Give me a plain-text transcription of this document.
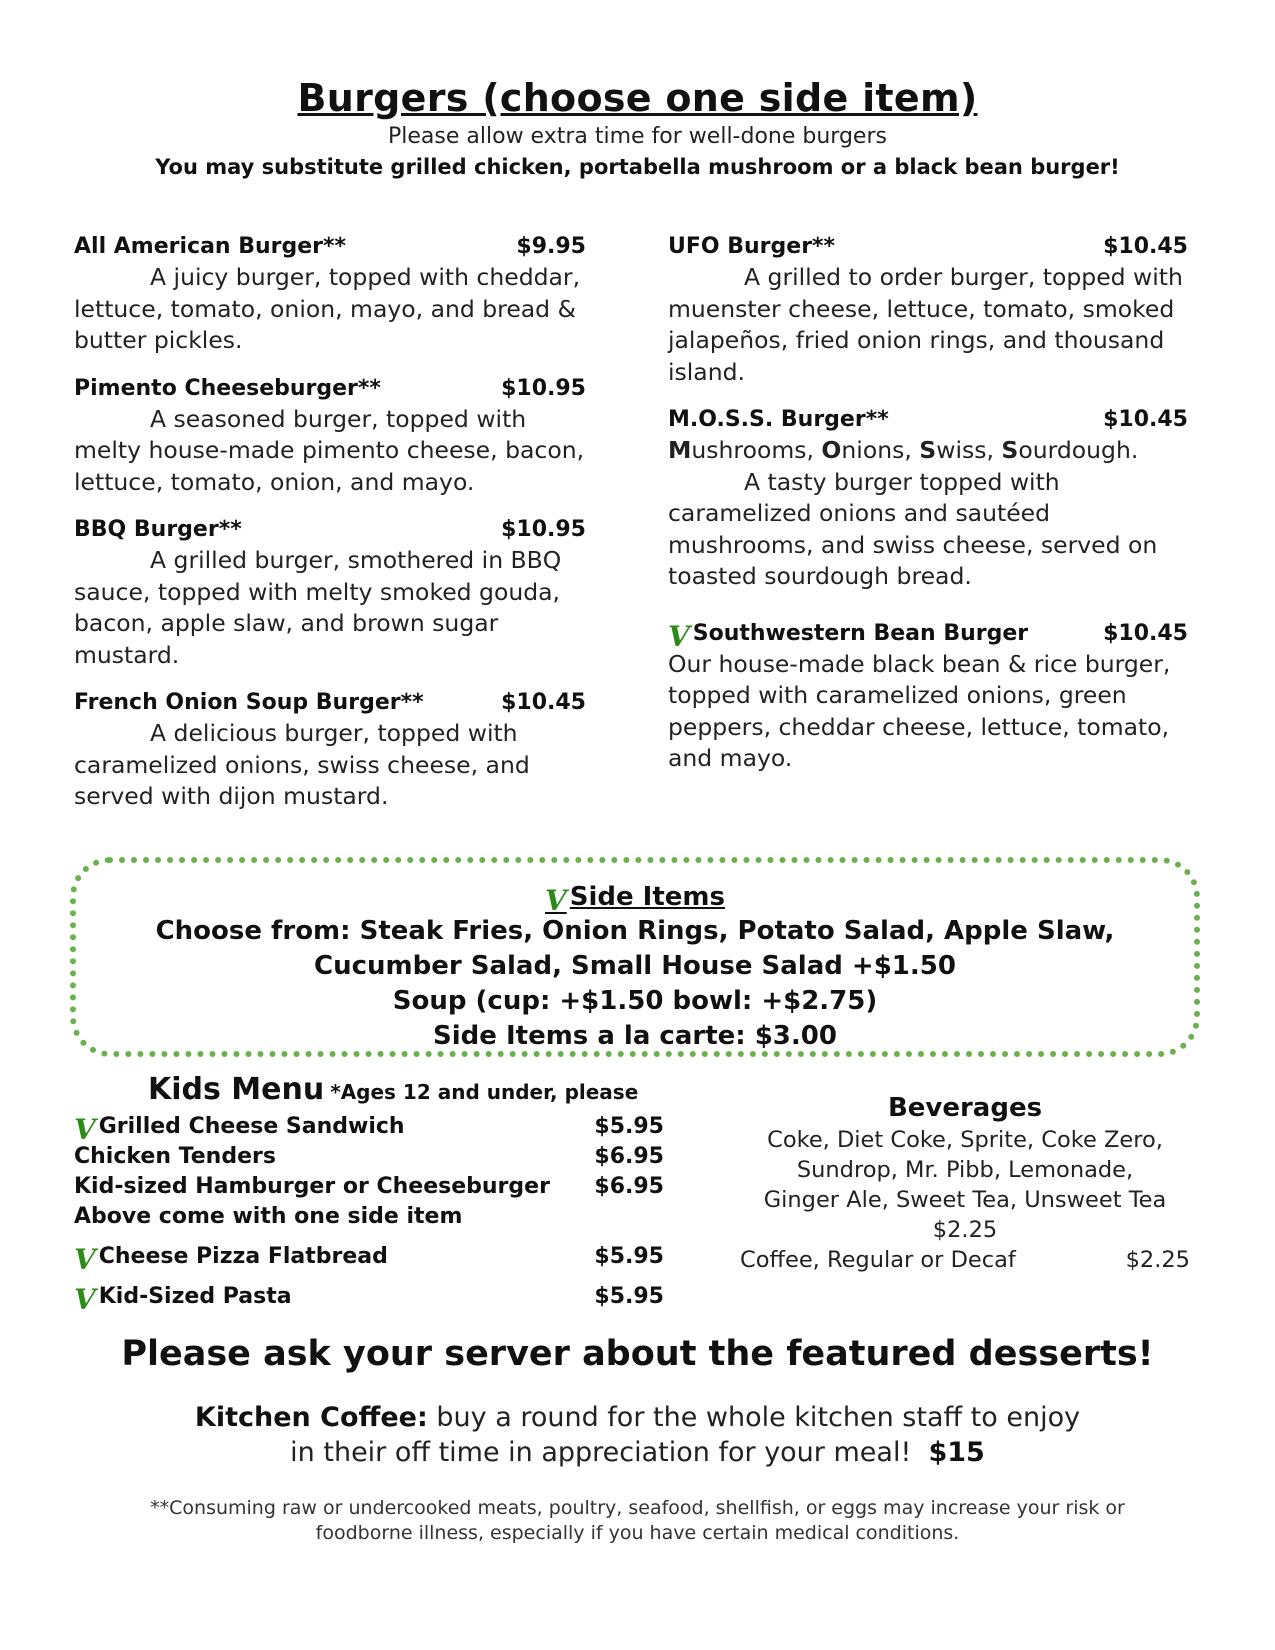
Burgers (choose one side item)
Please allow extra time for well-done burgers
You may substitute grilled chicken, portabella mushroom or a black bean burger!
All American Burger**	$9.95

A juicy burger, topped with cheddar, lettuce, tomato, onion, mayo, and bread & butter pickles.

Pimento Cheeseburger**	$10.95

A seasoned burger, topped with melty house-made pimento cheese, bacon, lettuce, tomato, onion, and mayo.

BBQ Burger**	$10.95

A grilled burger, smothered in BBQ sauce, topped with melty smoked gouda, bacon, apple slaw, and brown sugar mustard.

French Onion Soup Burger**	$10.45

A delicious burger, topped with caramelized onions, swiss cheese, and served with dijon mustard.

UFO Burger**	$10.45

A grilled to order burger, topped with muenster cheese, lettuce, tomato, smoked jalapeños, fried onion rings, and thousand island.

M.O.S.S. Burger**	$10.45

Mushrooms, Onions, Swiss, Sourdough.

A tasty burger topped with caramelized onions and sautéed mushrooms, and swiss cheese, served on toasted sourdough bread.

V Southwestern Bean Burger	$10.45

Our house-made black bean & rice burger, topped with caramelized onions, green peppers, cheddar cheese, lettuce, tomato, and mayo.

V Side Items
Choose from: Steak Fries, Onion Rings, Potato Salad, Apple Slaw,
Cucumber Salad, Small House Salad +$1.50
Soup (cup: +$1.50 bowl: +$2.75)
Side Items a la carte: $3.00
Kids Menu *Ages 12 and under, please
V Grilled Cheese Sandwich	$5.95
Chicken Tenders	$6.95
Kid-sized Hamburger or Cheeseburger $6.95
Above come with one side item
V Cheese Pizza Flatbread	$5.95
V Kid-Sized Pasta	$5.95
Beverages
Coke, Diet Coke, Sprite, Coke Zero,
Sundrop, Mr. Pibb, Lemonade,
Ginger Ale, Sweet Tea, Unsweet Tea
$2.25
Coffee, Regular or Decaf	$2.25
Please ask your server about the featured desserts!
Kitchen Coffee: buy a round for the whole kitchen staff to enjoy
in their off time in appreciation for your meal! $15
**Consuming raw or undercooked meats, poultry, seafood, shellfish, or eggs may increase your risk or
foodborne illness, especially if you have certain medical conditions.
